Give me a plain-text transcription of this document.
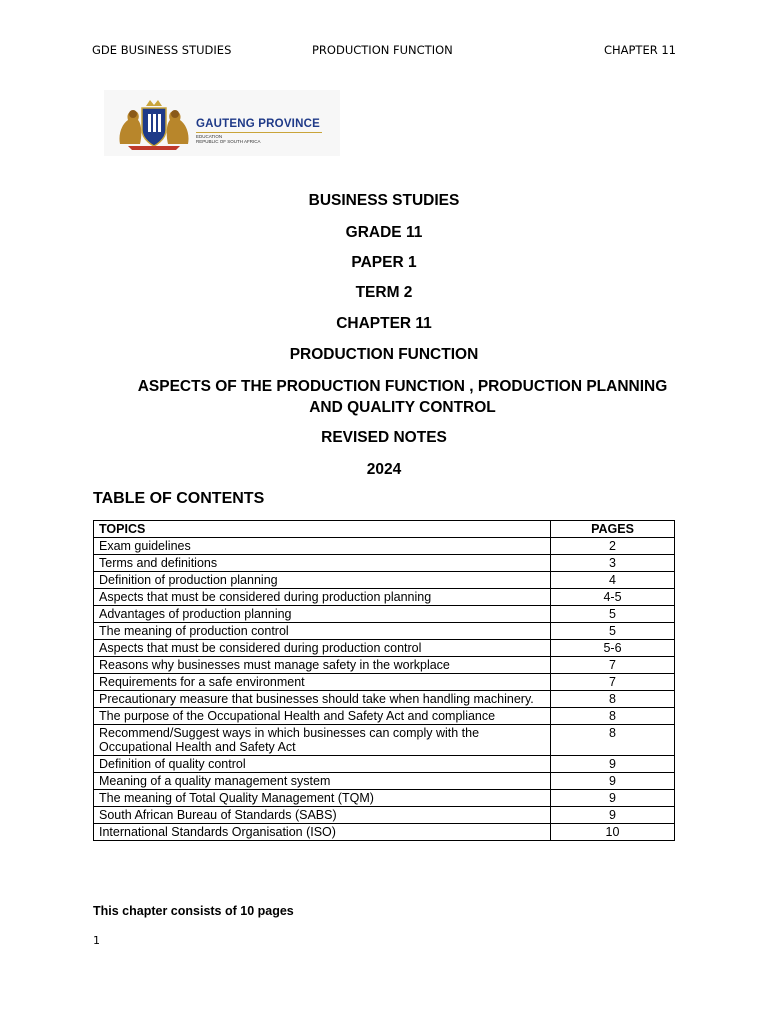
GDE BUSINESS STUDIES	PRODUCTION FUNCTION	CHAPTER 11
GAUTENG PROVINCE
EDUCATION
REPUBLIC OF SOUTH AFRICA
BUSINESS STUDIES
GRADE 11
PAPER 1
TERM 2
CHAPTER 11
PRODUCTION FUNCTION
ASPECTS OF THE PRODUCTION FUNCTION , PRODUCTION PLANNING AND QUALITY CONTROL
REVISED NOTES
2024
TABLE OF CONTENTS
TOPICS	PAGES
Exam guidelines	2
Terms and definitions	3
Definition of production planning	4
Aspects that must be considered during production planning	4-5
Advantages of production planning	5
The meaning of production control	5
Aspects that must be considered during production control	5-6
Reasons why businesses must manage safety in the workplace	7
Requirements for a safe environment	7
Precautionary measure that businesses should take when handling machinery.	8
The purpose of the Occupational Health and Safety Act and compliance	8
Recommend/Suggest ways in which businesses can comply with the Occupational Health and Safety Act	8
Definition of quality control	9
Meaning of a quality management system	9
The meaning of Total Quality Management (TQM)	9
South African Bureau of Standards (SABS)	9
International Standards Organisation (ISO)	10
This chapter consists of 10 pages
1
